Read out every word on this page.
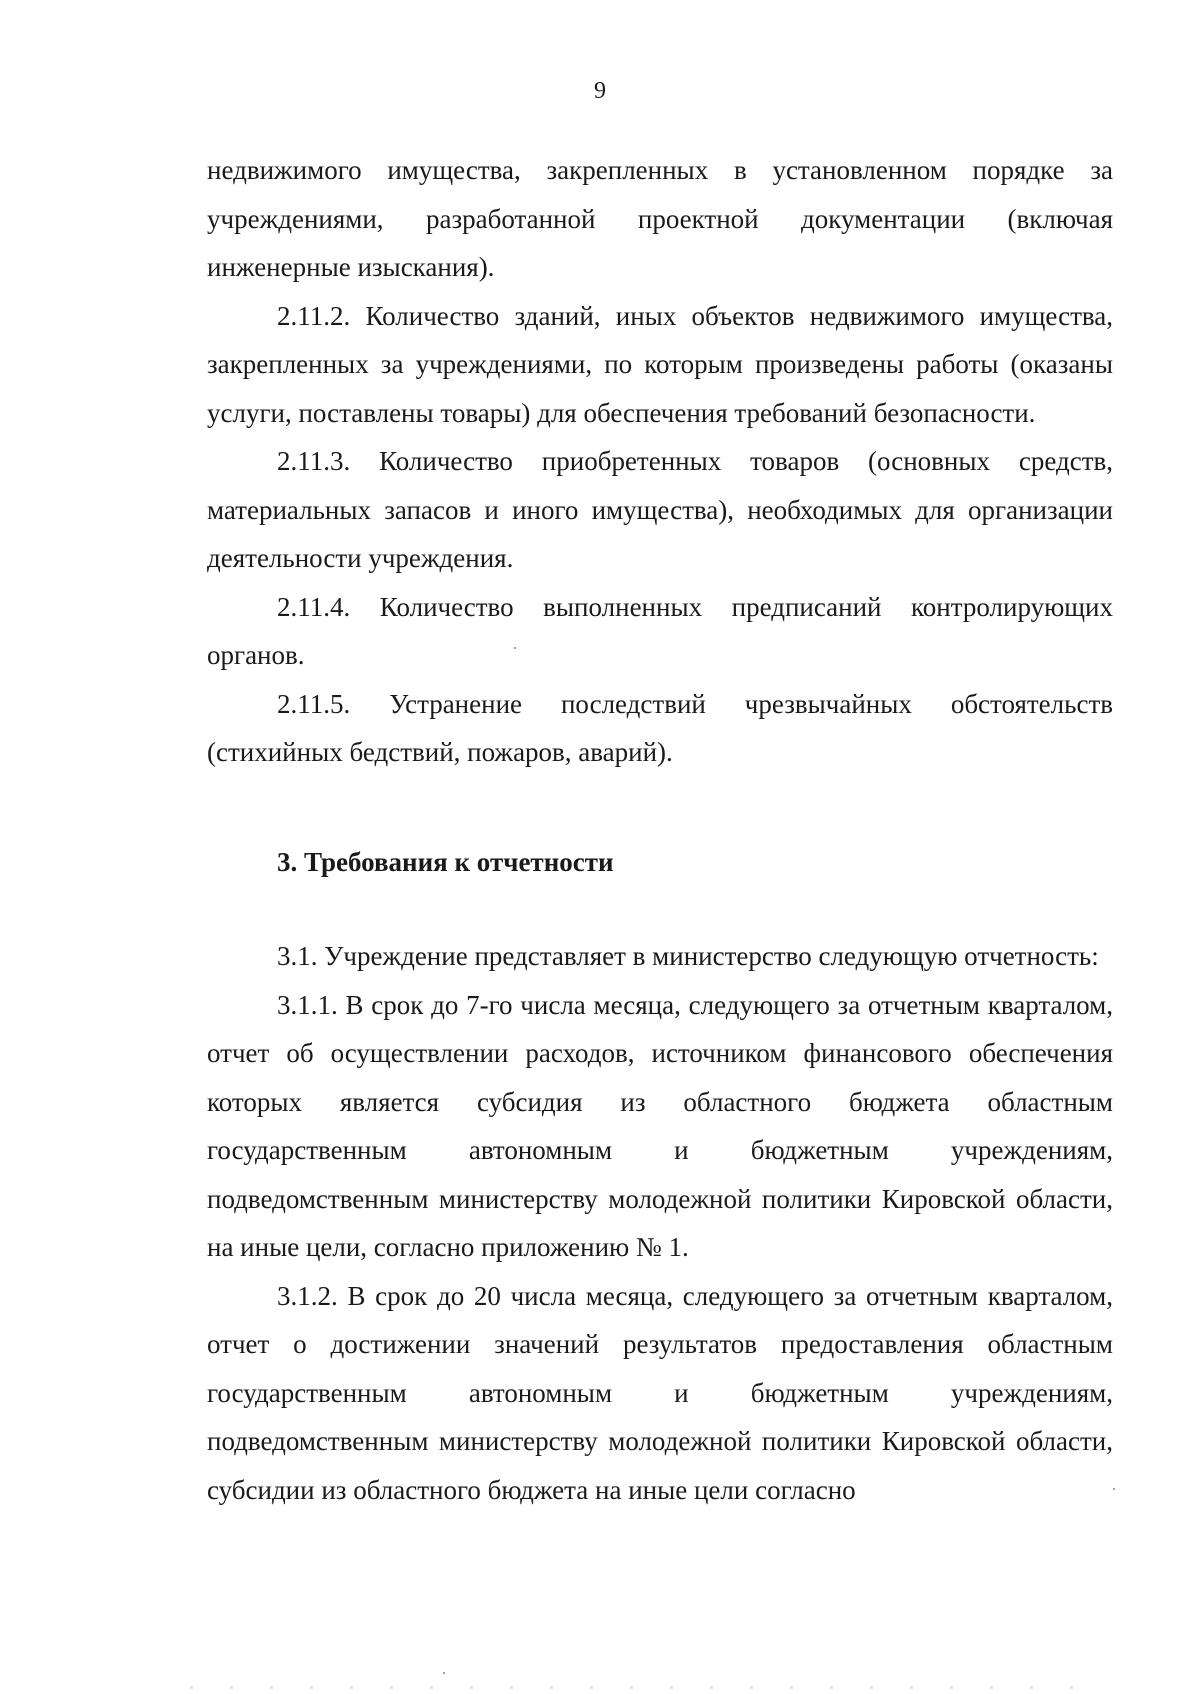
9

недвижимого имущества, закрепленных в установленном порядке за учреждениями, разработанной проектной документации (включая инженерные изыскания).

2.11.2. Количество зданий, иных объектов недвижимого имущества, закрепленных за учреждениями, по которым произведены работы (оказаны услуги, поставлены товары) для обеспечения требований безопасности.

2.11.3. Количество приобретенных товаров (основных средств, материальных запасов и иного имущества), необходимых для организации деятельности учреждения.

2.11.4. Количество выполненных предписаний контролирующих органов.

2.11.5. Устранение последствий чрезвычайных обстоятельств (стихийных бедствий, пожаров, аварий).

3. Требования к отчетности

3.1. Учреждение представляет в министерство следующую отчетность:

3.1.1. В срок до 7-го числа месяца, следующего за отчетным кварталом, отчет об осуществлении расходов, источником финансового обеспечения которых является субсидия из областного бюджета областным государственным автономным и бюджетным учреждениям, подведомственным министерству молодежной политики Кировской области, на иные цели, согласно приложению № 1.

3.1.2. В срок до 20 числа месяца, следующего за отчетным кварталом, отчет о достижении значений результатов предоставления областным государственным автономным и бюджетным учреждениям, подведомственным министерству молодежной политики Кировской области, субсидии из областного бюджета на иные цели согласно
